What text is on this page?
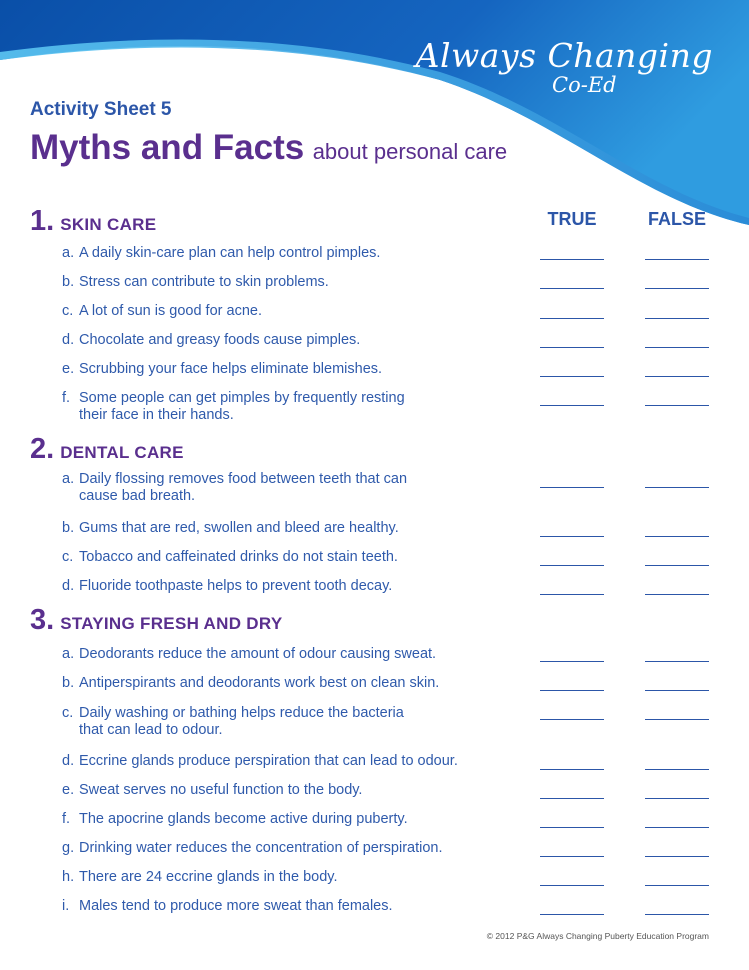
Always Changing
Co-Ed
Activity Sheet 5
Myths and Facts about personal care
TRUE	FALSE
1. SKIN CARE
a. A daily skin-care plan can help control pimples.
b. Stress can contribute to skin problems.
c. A lot of sun is good for acne.
d. Chocolate and greasy foods cause pimples.
e. Scrubbing your face helps eliminate blemishes.
f. Some people can get pimples by frequently resting
their face in their hands.
2. DENTAL CARE
a. Daily flossing removes food between teeth that can
cause bad breath.
b. Gums that are red, swollen and bleed are healthy.
c. Tobacco and caffeinated drinks do not stain teeth.
d. Fluoride toothpaste helps to prevent tooth decay.
3. STAYING FRESH AND DRY
a. Deodorants reduce the amount of odour causing sweat.
b. Antiperspirants and deodorants work best on clean skin.
c. Daily washing or bathing helps reduce the bacteria
that can lead to odour.
d. Eccrine glands produce perspiration that can lead to odour.
e. Sweat serves no useful function to the body.
f. The apocrine glands become active during puberty.
g. Drinking water reduces the concentration of perspiration.
h. There are 24 eccrine glands in the body.
i. Males tend to produce more sweat than females.
© 2012 P&G Always Changing Puberty Education Program
